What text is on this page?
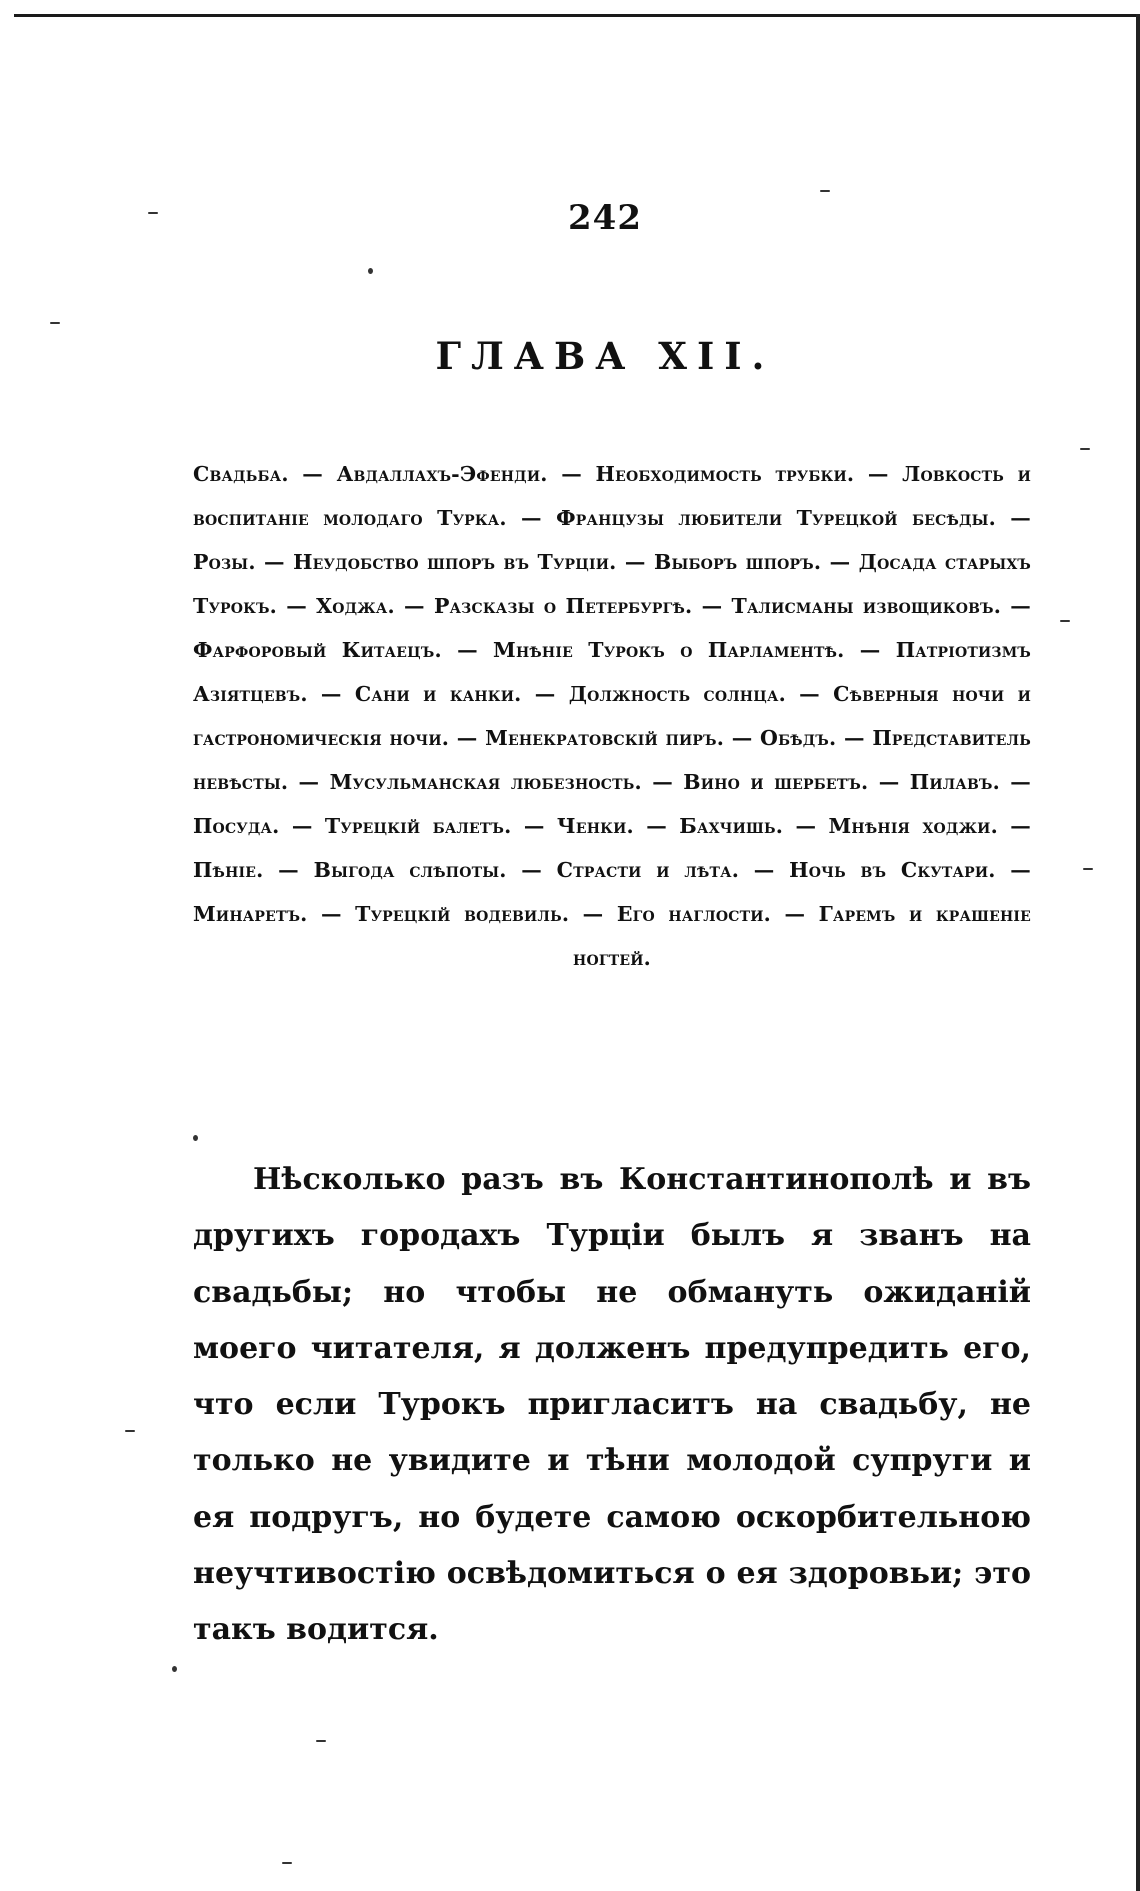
242
ГЛАВА XII.
Свадьба. — Авдаллахъ-Эфенди. — Необходимость трубки. — Ловкость и воспитаніе молодаго Турка. — Французы любители Турецкой бесѣды. — Розы. — Неудобство шпоръ въ Турціи. — Выборъ шпоръ. — Досада старыхъ Турокъ. — Ходжа. — Разсказы о Петербургѣ. — Талисманы извощиковъ. — Фарфоровый Китаецъ. — Мнѣніе Турокъ о Парламентѣ. — Патріотизмъ Азіятцевъ. — Сани и канки. — Должность солнца. — Сѣверныя ночи и гастрономическія ночи. — Менекратовскій пиръ. — Обѣдъ. — Представитель невѣсты. — Мусульманская любезность. — Вино и шербетъ. — Пилавъ. — Посуда. — Турецкій балетъ. — Ченки. — Бахчишь. — Мнѣнія ходжи. — Пѣніе. — Выгода слѣпоты. — Страсти и лѣта. — Ночь въ Скутари. — Минаретъ. — Турецкій водевиль. — Его наглости. — Гаремъ и крашеніе ногтей.
Нѣсколько разъ въ Константинополѣ и въ другихъ городахъ Турціи былъ я званъ на свадьбы; но чтобы не обмануть ожиданій моего читателя, я долженъ предупредить его, что если Турокъ пригласитъ на свадьбу, не только не увидите и тѣни молодой супруги и ея подругъ, но будете самою оскорбительною неучтивостію освѣдомиться о ея здоровьи; это такъ водится.
